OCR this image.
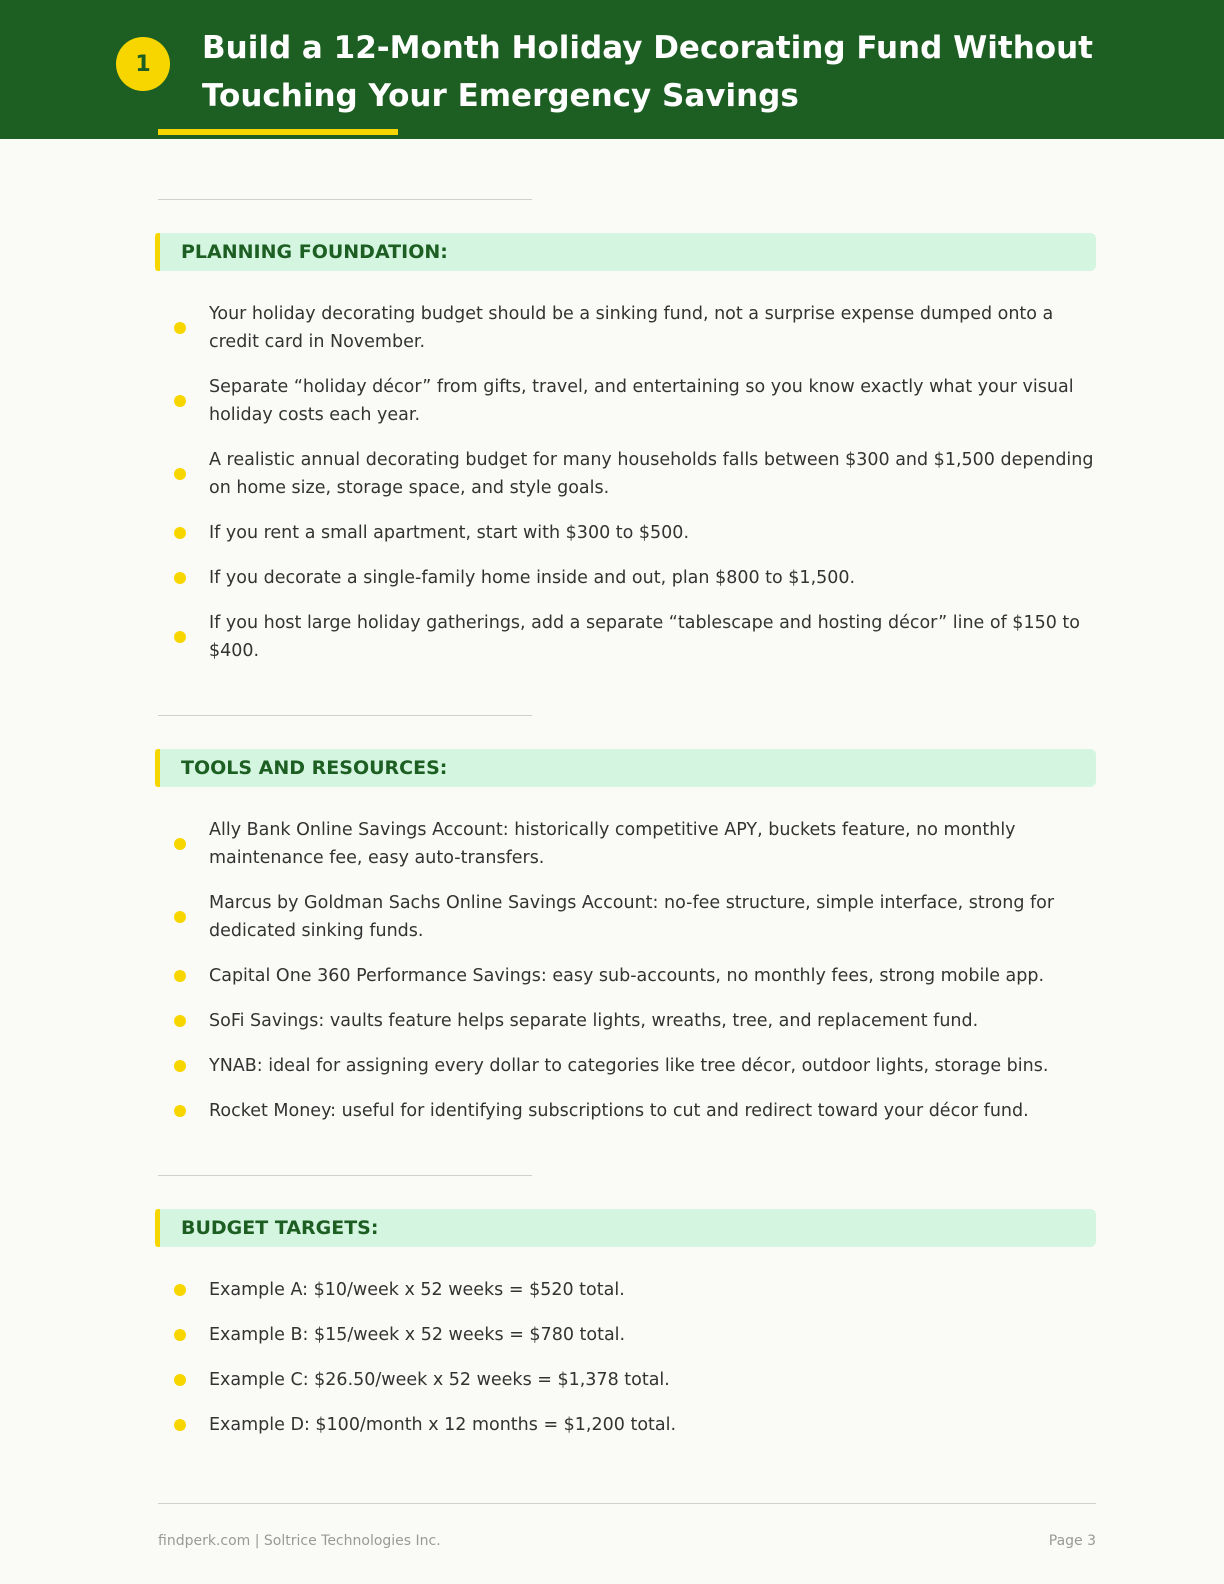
1	Build a 12-Month Holiday Decorating Fund Without Touching Your Emergency Savings
PLANNING FOUNDATION:
Your holiday decorating budget should be a sinking fund, not a surprise expense dumped onto a credit card in November.
Separate “holiday décor” from gifts, travel, and entertaining so you know exactly what your visual holiday costs each year.
A realistic annual decorating budget for many households falls between $300 and $1,500 depending on home size, storage space, and style goals.
If you rent a small apartment, start with $300 to $500.
If you decorate a single-family home inside and out, plan $800 to $1,500.
If you host large holiday gatherings, add a separate “tablescape and hosting décor” line of $150 to $400.
TOOLS AND RESOURCES:
Ally Bank Online Savings Account: historically competitive APY, buckets feature, no monthly maintenance fee, easy auto-transfers.
Marcus by Goldman Sachs Online Savings Account: no-fee structure, simple interface, strong for dedicated sinking funds.
Capital One 360 Performance Savings: easy sub-accounts, no monthly fees, strong mobile app.
SoFi Savings: vaults feature helps separate lights, wreaths, tree, and replacement fund.
YNAB: ideal for assigning every dollar to categories like tree décor, outdoor lights, storage bins.
Rocket Money: useful for identifying subscriptions to cut and redirect toward your décor fund.
BUDGET TARGETS:
Example A: $10/week x 52 weeks = $520 total.
Example B: $15/week x 52 weeks = $780 total.
Example C: $26.50/week x 52 weeks = $1,378 total.
Example D: $100/month x 12 months = $1,200 total.
findperk.com | Soltrice Technologies Inc.	Page 3
